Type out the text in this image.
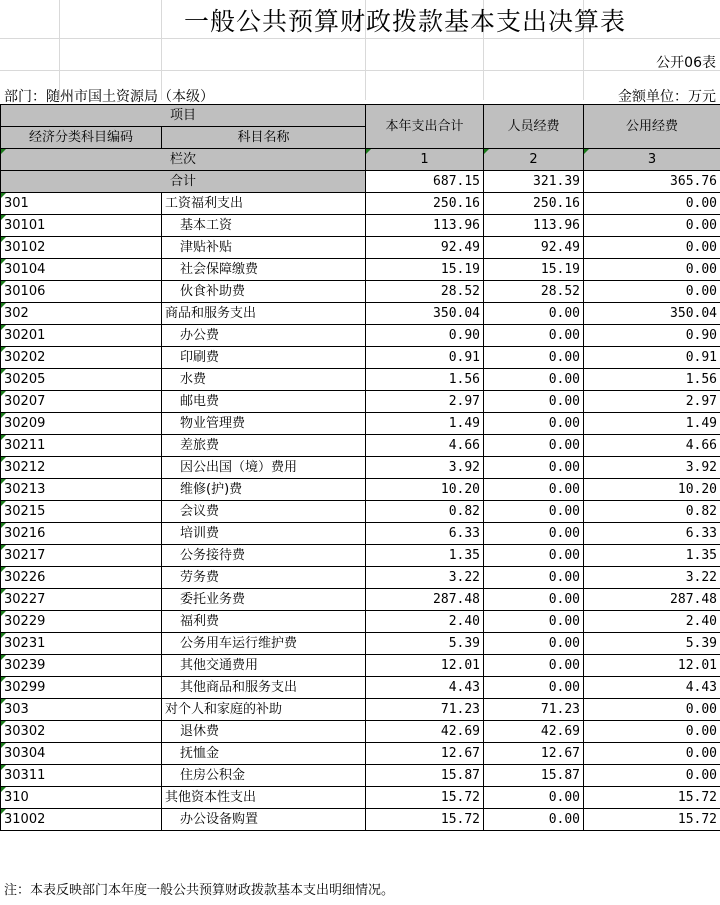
一般公共预算财政拨款基本支出决算表
公开06表
部门：随州市国土资源局（本级）	金额单位：万元
项目		本年支出合计	人员经费	公用经费
经济分类科目编码	科目名称			
栏次		1	2	3
合计		687.15	321.39	365.76
301	工资福利支出	250.16	250.16	0.00
30101	基本工资	113.96	113.96	0.00
30102	津贴补贴	92.49	92.49	0.00
30104	社会保障缴费	15.19	15.19	0.00
30106	伙食补助费	28.52	28.52	0.00
302	商品和服务支出	350.04	0.00	350.04
30201	办公费	0.90	0.00	0.90
30202	印刷费	0.91	0.00	0.91
30205	水费	1.56	0.00	1.56
30207	邮电费	2.97	0.00	2.97
30209	物业管理费	1.49	0.00	1.49
30211	差旅费	4.66	0.00	4.66
30212	因公出国（境）费用	3.92	0.00	3.92
30213	维修(护)费	10.20	0.00	10.20
30215	会议费	0.82	0.00	0.82
30216	培训费	6.33	0.00	6.33
30217	公务接待费	1.35	0.00	1.35
30226	劳务费	3.22	0.00	3.22
30227	委托业务费	287.48	0.00	287.48
30229	福利费	2.40	0.00	2.40
30231	公务用车运行维护费	5.39	0.00	5.39
30239	其他交通费用	12.01	0.00	12.01
30299	其他商品和服务支出	4.43	0.00	4.43
303	对个人和家庭的补助	71.23	71.23	0.00
30302	退休费	42.69	42.69	0.00
30304	抚恤金	12.67	12.67	0.00
30311	住房公积金	15.87	15.87	0.00
310	其他资本性支出	15.72	0.00	15.72
31002	办公设备购置	15.72	0.00	15.72
注：本表反映部门本年度一般公共预算财政拨款基本支出明细情况。
